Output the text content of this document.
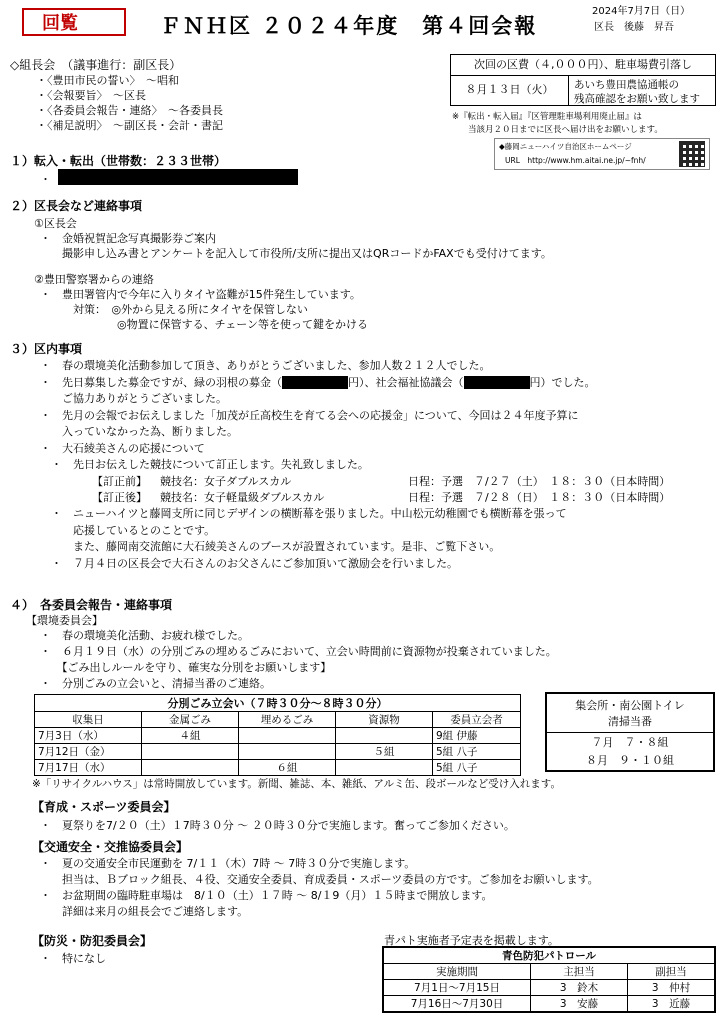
回覧	ＦＮＨ区 ２０２４年度　第４回会報
2024年7月7日（日）
区長　後藤　昇吾
次回の区費（４,０００円）、駐車場費引落し
８月１３日（火）	あいち豊田農協通帳の
残高確認をお願い致します
※『転出・転入届』『区管理駐車場利用廃止届』は
当該月２０日までに区長へ届け出をお願いします。
◆藤岡ニューハイツ自治区ホームページ
URL　http://www.hm.aitai.ne.jp/~fnh/
◇組長会　（議事進行：副区長）
・〈豊田市民の誓い〉　～唱和
・〈会報要旨〉　～区長
・〈各委員会報告・連絡〉　～各委員長
・〈補足説明〉　～副区長・会計・書記
１）転入・転出（世帯数：２３３世帯）
・
２）区長会など連絡事項
①区長会
・　金婚祝賀記念写真撮影券ご案内
　　撮影申し込み書とアンケートを記入して市役所/支所に提出又はQRコードかFAXでも受付けてます。
②豊田警察署からの連絡
・　豊田署管内で今年に入りタイヤ盗難が15件発生しています。
　　　対策：　◎外から見える所にタイヤを保管しない
　　　　　　　◎物置に保管する、チェーン等を使って鍵をかける
３）区内事項
・　春の環境美化活動参加して頂き、ありがとうございました、参加人数２１２人でした。
・　先日募集した募金ですが、緑の羽根の募金（	円）、社会福祉協議会（	円）でした。
　　ご協力ありがとうございました。
・　先月の会報でお伝えしました「加茂が丘高校生を育てる会への応援金」について、今回は２４年度予算に
　　入っていなかった為、断りました。
・　大石綾美さんの応援について
　・　先日お伝えした競技について訂正します。失礼致しました。
【訂正前】 競技名：女子ダブルスカル	日程：予選　７/２７（土）　１８：３０（日本時間）
【訂正後】 競技名：女子軽量級ダブルスカル	日程：予選　７/２８（日）　１８：３０（日本時間）
　・　ニューハイツと藤岡支所に同じデザインの横断幕を張りました。中山松元幼稚園でも横断幕を張って
　　　応援しているとのことです。
　　　また、藤岡南交流館に大石綾美さんのブースが設置されています。是非、ご覧下さい。
　・　７月４日の区長会で大石さんのお父さんにご参加頂いて激励会を行いました。
４）　各委員会報告・連絡事項
【環境委員会】
・　春の環境美化活動、お疲れ様でした。
・　６月１９日（水）の分別ごみの埋めるごみにおいて、立会い時間前に資源物が投棄されていました。
　　【ごみ出しルールを守り、確実な分別をお願いします】
・　分別ごみの立会いと、清掃当番のご連絡。
分別ごみ立会い（７時３０分～８時３０分）				
収集日	金属ごみ	埋めるごみ	資源物	委員立会者
7月3日（水）	４組			9組 伊藤
7月12日（金）			５組	5組 八子
7月17日（水）		６組		5組 八子
集会所・南公園トイレ
清掃当番
７月　７・８組
８月　９・１０組
※「リサイクルハウス」は常時開放しています。新聞、雑誌、本、雑紙、アルミ缶、段ボールなど受け入れます。
【育成・スポーツ委員会】
・　夏祭りを7/２０（土）１7時３０分 ～ ２０時３０分で実施します。奮ってご参加ください。
【交通安全・交推協委員会】
・　夏の交通安全市民運動を 7/１１（木）7時 ～ 7時３０分で実施します。
　　担当は、Ｂブロック組長、４役、交通安全委員、育成委員・スポーツ委員の方です。ご参加をお願いします。
・　お盆期間の臨時駐車場は　8/１０（土）１７時 ～ 8/１9（月）１５時まで開放します。
　　詳細は来月の組長会でご連絡します。
【防災・防犯委員会】
・　特になし
青パト実施者予定表を掲載します。
青色防犯パトロール		
実施期間	主担当	副担当
7月1日～7月15日	3　鈴木	3　仲村
7月16日～7月30日	3　安藤	3　近藤
